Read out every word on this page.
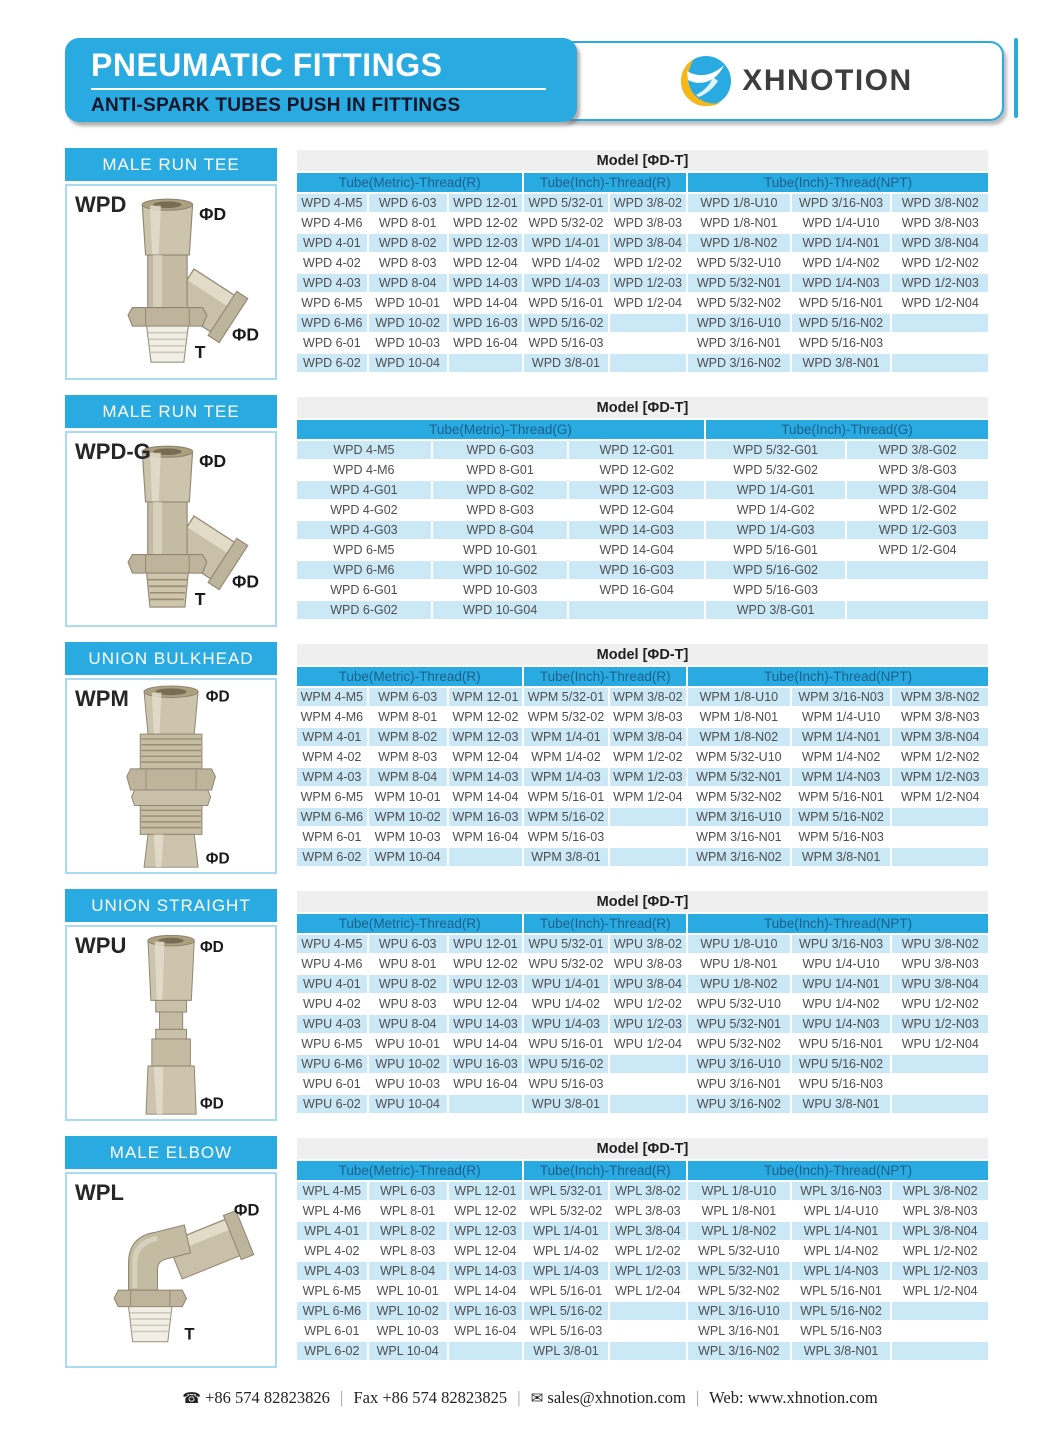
PNEUMATIC FITTINGS
ANTI-SPARK TUBES PUSH IN FITTINGS
XHNOTION
MALE RUN TEE
WPD	ΦD
ΦD
T
Model [ΦD-T]							
Tube(Metric)-Thread(R)			Tube(Inch)-Thread(R)		Tube(Inch)-Thread(NPT)		
WPD 4-M5	WPD 6-03	WPD 12-01	WPD 5/32-01	WPD 3/8-02	WPD 1/8-U10	WPD 3/16-N03	WPD 3/8-N02
WPD 4-M6	WPD 8-01	WPD 12-02	WPD 5/32-02	WPD 3/8-03	WPD 1/8-N01	WPD 1/4-U10	WPD 3/8-N03
WPD 4-01	WPD 8-02	WPD 12-03	WPD 1/4-01	WPD 3/8-04	WPD 1/8-N02	WPD 1/4-N01	WPD 3/8-N04
WPD 4-02	WPD 8-03	WPD 12-04	WPD 1/4-02	WPD 1/2-02	WPD 5/32-U10	WPD 1/4-N02	WPD 1/2-N02
WPD 4-03	WPD 8-04	WPD 14-03	WPD 1/4-03	WPD 1/2-03	WPD 5/32-N01	WPD 1/4-N03	WPD 1/2-N03
WPD 6-M5	WPD 10-01	WPD 14-04	WPD 5/16-01	WPD 1/2-04	WPD 5/32-N02	WPD 5/16-N01	WPD 1/2-N04
WPD 6-M6	WPD 10-02	WPD 16-03	WPD 5/16-02		WPD 3/16-U10	WPD 5/16-N02	
WPD 6-01	WPD 10-03	WPD 16-04	WPD 5/16-03		WPD 3/16-N01	WPD 5/16-N03	
WPD 6-02	WPD 10-04		WPD 3/8-01		WPD 3/16-N02	WPD 3/8-N01	
MALE RUN TEE
WPD-G	ΦD
ΦD
T
Model [ΦD-T]				
Tube(Metric)-Thread(G)			Tube(Inch)-Thread(G)	
WPD 4-M5	WPD 6-G03	WPD 12-G01	WPD 5/32-G01	WPD 3/8-G02
WPD 4-M6	WPD 8-G01	WPD 12-G02	WPD 5/32-G02	WPD 3/8-G03
WPD 4-G01	WPD 8-G02	WPD 12-G03	WPD 1/4-G01	WPD 3/8-G04
WPD 4-G02	WPD 8-G03	WPD 12-G04	WPD 1/4-G02	WPD 1/2-G02
WPD 4-G03	WPD 8-G04	WPD 14-G03	WPD 1/4-G03	WPD 1/2-G03
WPD 6-M5	WPD 10-G01	WPD 14-G04	WPD 5/16-G01	WPD 1/2-G04
WPD 6-M6	WPD 10-G02	WPD 16-G03	WPD 5/16-G02	
WPD 6-G01	WPD 10-G03	WPD 16-G04	WPD 5/16-G03	
WPD 6-G02	WPD 10-G04		WPD 3/8-G01	
UNION BULKHEAD
WPM	ΦD
ΦD
Model [ΦD-T]							
Tube(Metric)-Thread(R)			Tube(Inch)-Thread(R)		Tube(Inch)-Thread(NPT)		
WPM 4-M5	WPM 6-03	WPM 12-01	WPM 5/32-01	WPM 3/8-02	WPM 1/8-U10	WPM 3/16-N03	WPM 3/8-N02
WPM 4-M6	WPM 8-01	WPM 12-02	WPM 5/32-02	WPM 3/8-03	WPM 1/8-N01	WPM 1/4-U10	WPM 3/8-N03
WPM 4-01	WPM 8-02	WPM 12-03	WPM 1/4-01	WPM 3/8-04	WPM 1/8-N02	WPM 1/4-N01	WPM 3/8-N04
WPM 4-02	WPM 8-03	WPM 12-04	WPM 1/4-02	WPM 1/2-02	WPM 5/32-U10	WPM 1/4-N02	WPM 1/2-N02
WPM 4-03	WPM 8-04	WPM 14-03	WPM 1/4-03	WPM 1/2-03	WPM 5/32-N01	WPM 1/4-N03	WPM 1/2-N03
WPM 6-M5	WPM 10-01	WPM 14-04	WPM 5/16-01	WPM 1/2-04	WPM 5/32-N02	WPM 5/16-N01	WPM 1/2-N04
WPM 6-M6	WPM 10-02	WPM 16-03	WPM 5/16-02		WPM 3/16-U10	WPM 5/16-N02	
WPM 6-01	WPM 10-03	WPM 16-04	WPM 5/16-03		WPM 3/16-N01	WPM 5/16-N03	
WPM 6-02	WPM 10-04		WPM 3/8-01		WPM 3/16-N02	WPM 3/8-N01	
UNION STRAIGHT
WPU	ΦD
ΦD
Model [ΦD-T]							
Tube(Metric)-Thread(R)			Tube(Inch)-Thread(R)		Tube(Inch)-Thread(NPT)		
WPU 4-M5	WPU 6-03	WPU 12-01	WPU 5/32-01	WPU 3/8-02	WPU 1/8-U10	WPU 3/16-N03	WPU 3/8-N02
WPU 4-M6	WPU 8-01	WPU 12-02	WPU 5/32-02	WPU 3/8-03	WPU 1/8-N01	WPU 1/4-U10	WPU 3/8-N03
WPU 4-01	WPU 8-02	WPU 12-03	WPU 1/4-01	WPU 3/8-04	WPU 1/8-N02	WPU 1/4-N01	WPU 3/8-N04
WPU 4-02	WPU 8-03	WPU 12-04	WPU 1/4-02	WPU 1/2-02	WPU 5/32-U10	WPU 1/4-N02	WPU 1/2-N02
WPU 4-03	WPU 8-04	WPU 14-03	WPU 1/4-03	WPU 1/2-03	WPU 5/32-N01	WPU 1/4-N03	WPU 1/2-N03
WPU 6-M5	WPU 10-01	WPU 14-04	WPU 5/16-01	WPU 1/2-04	WPU 5/32-N02	WPU 5/16-N01	WPU 1/2-N04
WPU 6-M6	WPU 10-02	WPU 16-03	WPU 5/16-02		WPU 3/16-U10	WPU 5/16-N02	
WPU 6-01	WPU 10-03	WPU 16-04	WPU 5/16-03		WPU 3/16-N01	WPU 5/16-N03	
WPU 6-02	WPU 10-04		WPU 3/8-01		WPU 3/16-N02	WPU 3/8-N01	
MALE ELBOW
WPL
ΦD
T
Model [ΦD-T]							
Tube(Metric)-Thread(R)			Tube(Inch)-Thread(R)		Tube(Inch)-Thread(NPT)		
WPL 4-M5	WPL 6-03	WPL 12-01	WPL 5/32-01	WPL 3/8-02	WPL 1/8-U10	WPL 3/16-N03	WPL 3/8-N02
WPL 4-M6	WPL 8-01	WPL 12-02	WPL 5/32-02	WPL 3/8-03	WPL 1/8-N01	WPL 1/4-U10	WPL 3/8-N03
WPL 4-01	WPL 8-02	WPL 12-03	WPL 1/4-01	WPL 3/8-04	WPL 1/8-N02	WPL 1/4-N01	WPL 3/8-N04
WPL 4-02	WPL 8-03	WPL 12-04	WPL 1/4-02	WPL 1/2-02	WPL 5/32-U10	WPL 1/4-N02	WPL 1/2-N02
WPL 4-03	WPL 8-04	WPL 14-03	WPL 1/4-03	WPL 1/2-03	WPL 5/32-N01	WPL 1/4-N03	WPL 1/2-N03
WPL 6-M5	WPL 10-01	WPL 14-04	WPL 5/16-01	WPL 1/2-04	WPL 5/32-N02	WPL 5/16-N01	WPL 1/2-N04
WPL 6-M6	WPL 10-02	WPL 16-03	WPL 5/16-02		WPL 3/16-U10	WPL 5/16-N02	
WPL 6-01	WPL 10-03	WPL 16-04	WPL 5/16-03		WPL 3/16-N01	WPL 5/16-N03	
WPL 6-02	WPL 10-04		WPL 3/8-01		WPL 3/16-N02	WPL 3/8-N01	
☎ +86 574 82823826 | Fax +86 574 82823825 | ✉ sales@xhnotion.com | Web: www.xhnotion.com
